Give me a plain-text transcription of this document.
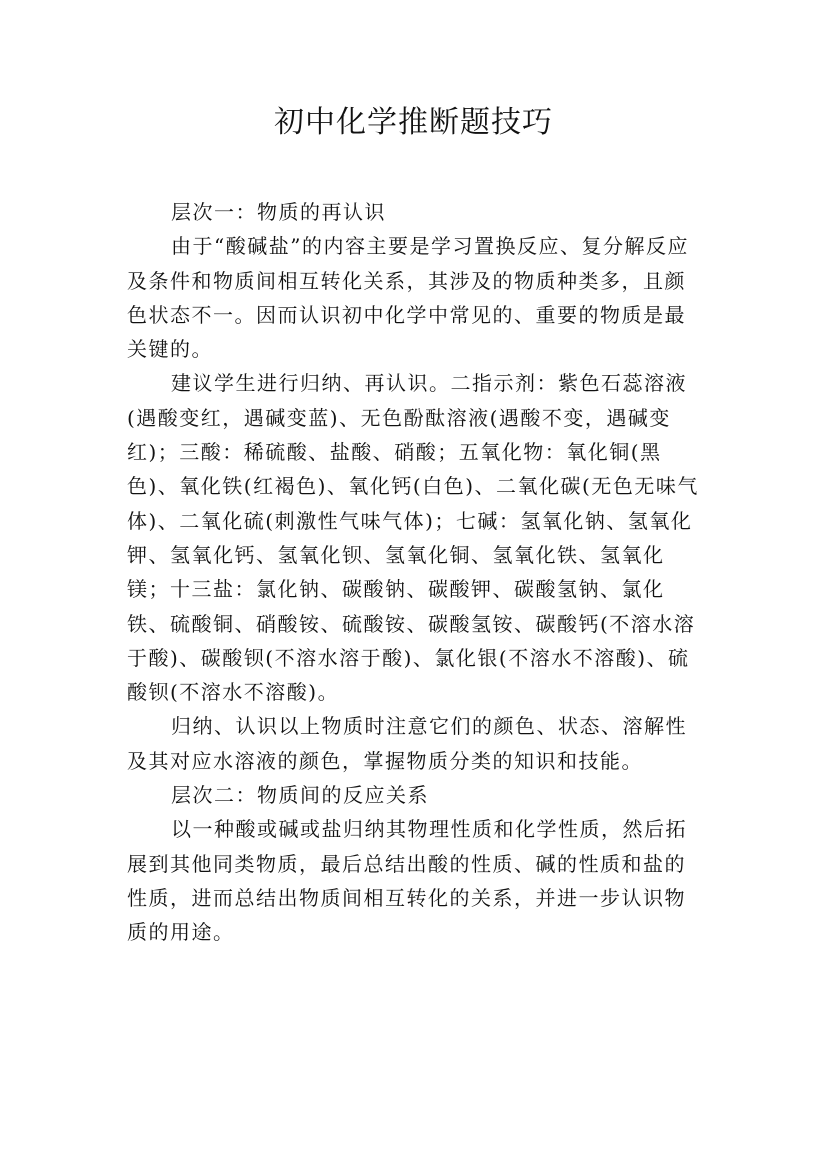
初中化学推断题技巧

层次一：物质的再认识

由于“酸碱盐”的内容主要是学习置换反应、复分解反应及条件和物质间相互转化关系，其涉及的物质种类多，且颜色状态不一。因而认识初中化学中常见的、重要的物质是最关键的。

建议学生进行归纳、再认识。二指示剂：紫色石蕊溶液(遇酸变红，遇碱变蓝)、无色酚酞溶液(遇酸不变，遇碱变红)；三酸：稀硫酸、盐酸、硝酸；五氧化物：氧化铜(黑色)、氧化铁(红褐色)、氧化钙(白色)、二氧化碳(无色无味气体)、二氧化硫(刺激性气味气体)；七碱：氢氧化钠、氢氧化钾、氢氧化钙、氢氧化钡、氢氧化铜、氢氧化铁、氢氧化镁；十三盐：氯化钠、碳酸钠、碳酸钾、碳酸氢钠、氯化铁、硫酸铜、硝酸铵、硫酸铵、碳酸氢铵、碳酸钙(不溶水溶于酸)、碳酸钡(不溶水溶于酸)、氯化银(不溶水不溶酸)、硫酸钡(不溶水不溶酸)。

归纳、认识以上物质时注意它们的颜色、状态、溶解性及其对应水溶液的颜色，掌握物质分类的知识和技能。

层次二：物质间的反应关系

以一种酸或碱或盐归纳其物理性质和化学性质，然后拓展到其他同类物质，最后总结出酸的性质、碱的性质和盐的性质，进而总结出物质间相互转化的关系，并进一步认识物质的用途。
